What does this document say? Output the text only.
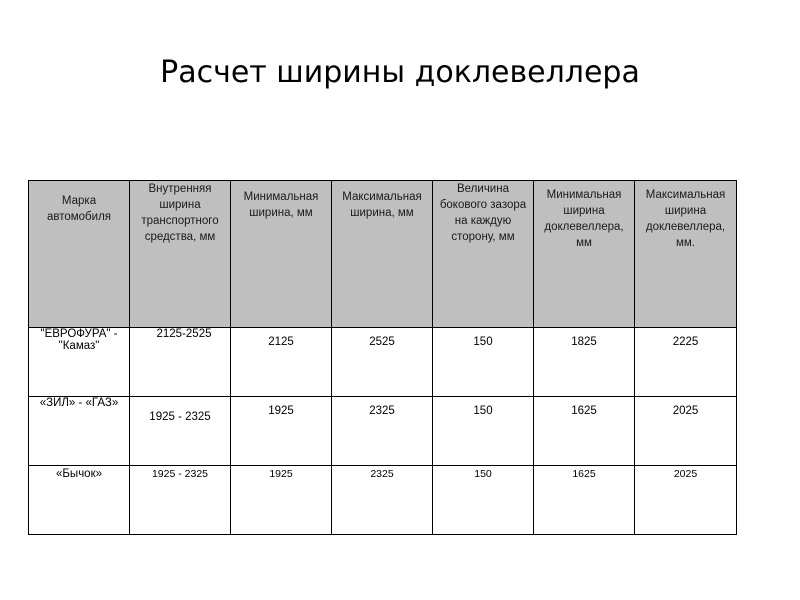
Расчет ширины доклевеллера
Марка автомобиля	Внутренняя ширина транспортного средства, мм	Минимальная ширина, мм	Максимальная ширина, мм	Величина бокового зазора на каждую сторону, мм	Минимальная ширина доклевеллера, мм	Максимальная ширина доклевеллера, мм.

"ЕВРОФУРА" - "Камаз"	2125-2525	2125	2525	150	1825	2225

«ЗИЛ» - «ГАЗ»	1925 - 2325	1925	2325	150	1625	2025

«Бычок»	1925 - 2325	1925	2325	150	1625	2025
